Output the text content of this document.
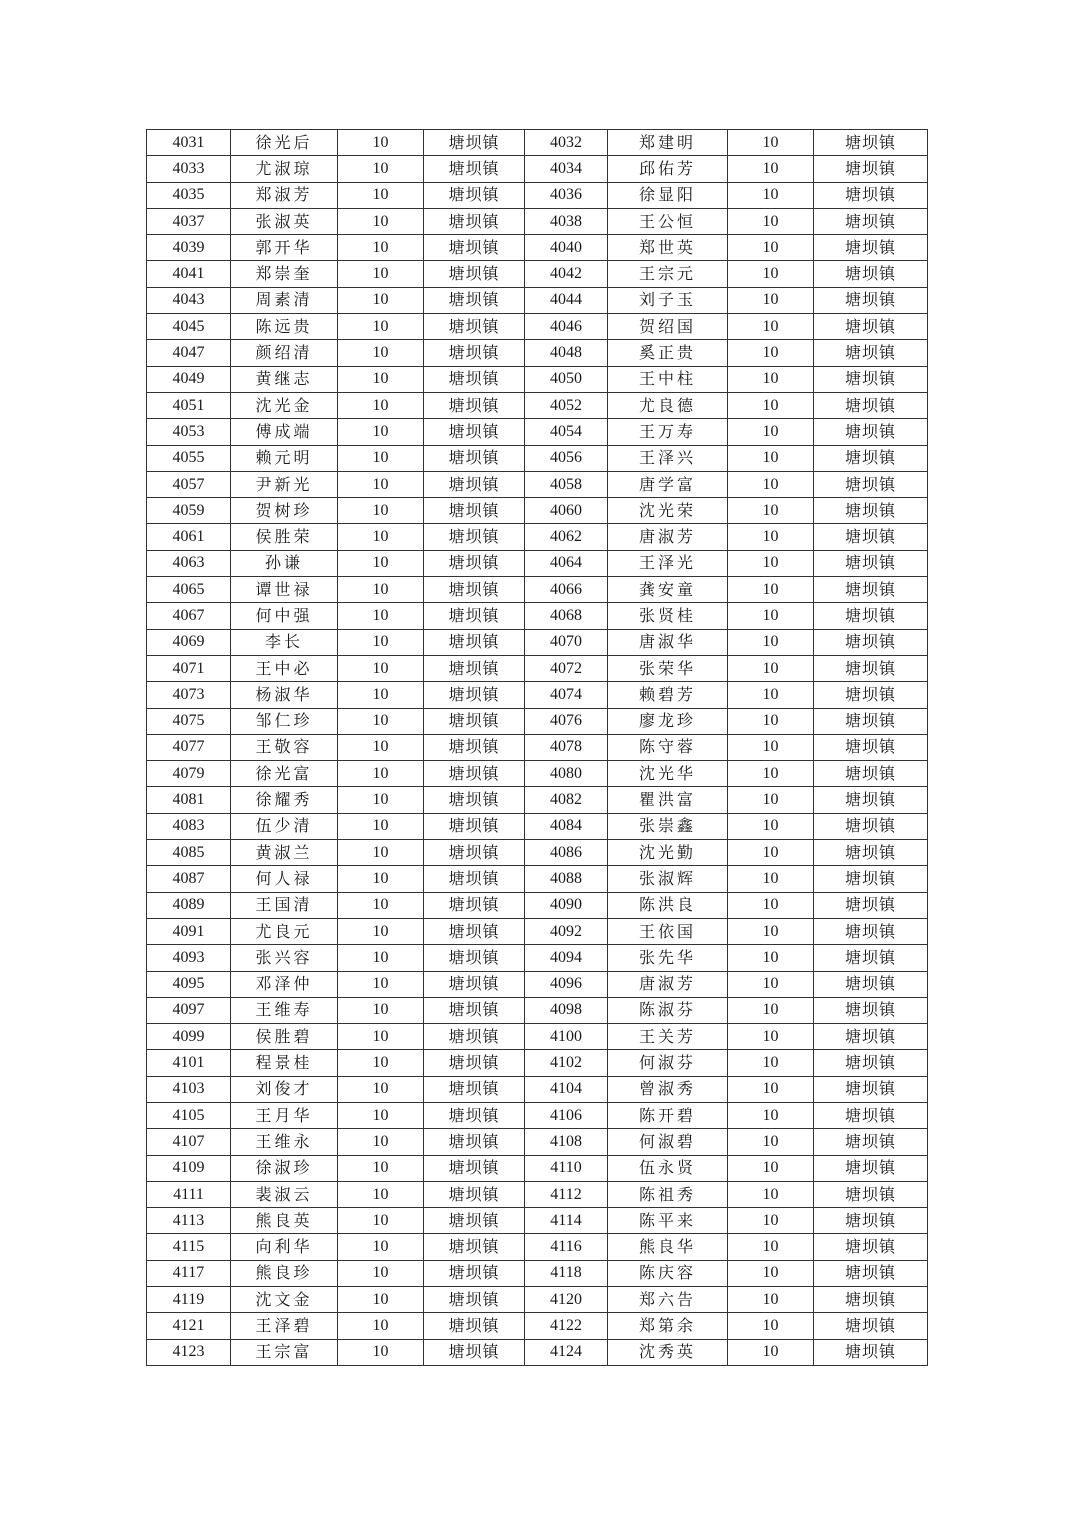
4031	徐光后	10	塘坝镇	4032	郑建明	10	塘坝镇
4033	尤淑琼	10	塘坝镇	4034	邱佑芳	10	塘坝镇
4035	郑淑芳	10	塘坝镇	4036	徐显阳	10	塘坝镇
4037	张淑英	10	塘坝镇	4038	王公恒	10	塘坝镇
4039	郭开华	10	塘坝镇	4040	郑世英	10	塘坝镇
4041	郑崇奎	10	塘坝镇	4042	王宗元	10	塘坝镇
4043	周素清	10	塘坝镇	4044	刘子玉	10	塘坝镇
4045	陈远贵	10	塘坝镇	4046	贺绍国	10	塘坝镇
4047	颜绍清	10	塘坝镇	4048	奚正贵	10	塘坝镇
4049	黄继志	10	塘坝镇	4050	王中柱	10	塘坝镇
4051	沈光金	10	塘坝镇	4052	尤良德	10	塘坝镇
4053	傅成端	10	塘坝镇	4054	王万寿	10	塘坝镇
4055	赖元明	10	塘坝镇	4056	王泽兴	10	塘坝镇
4057	尹新光	10	塘坝镇	4058	唐学富	10	塘坝镇
4059	贺树珍	10	塘坝镇	4060	沈光荣	10	塘坝镇
4061	侯胜荣	10	塘坝镇	4062	唐淑芳	10	塘坝镇
4063	孙谦	10	塘坝镇	4064	王泽光	10	塘坝镇
4065	谭世禄	10	塘坝镇	4066	龚安童	10	塘坝镇
4067	何中强	10	塘坝镇	4068	张贤桂	10	塘坝镇
4069	李长	10	塘坝镇	4070	唐淑华	10	塘坝镇
4071	王中必	10	塘坝镇	4072	张荣华	10	塘坝镇
4073	杨淑华	10	塘坝镇	4074	赖碧芳	10	塘坝镇
4075	邹仁珍	10	塘坝镇	4076	廖龙珍	10	塘坝镇
4077	王敬容	10	塘坝镇	4078	陈守蓉	10	塘坝镇
4079	徐光富	10	塘坝镇	4080	沈光华	10	塘坝镇
4081	徐耀秀	10	塘坝镇	4082	瞿洪富	10	塘坝镇
4083	伍少清	10	塘坝镇	4084	张崇鑫	10	塘坝镇
4085	黄淑兰	10	塘坝镇	4086	沈光勤	10	塘坝镇
4087	何人禄	10	塘坝镇	4088	张淑辉	10	塘坝镇
4089	王国清	10	塘坝镇	4090	陈洪良	10	塘坝镇
4091	尤良元	10	塘坝镇	4092	王依国	10	塘坝镇
4093	张兴容	10	塘坝镇	4094	张先华	10	塘坝镇
4095	邓泽仲	10	塘坝镇	4096	唐淑芳	10	塘坝镇
4097	王维寿	10	塘坝镇	4098	陈淑芬	10	塘坝镇
4099	侯胜碧	10	塘坝镇	4100	王关芳	10	塘坝镇
4101	程景桂	10	塘坝镇	4102	何淑芬	10	塘坝镇
4103	刘俊才	10	塘坝镇	4104	曾淑秀	10	塘坝镇
4105	王月华	10	塘坝镇	4106	陈开碧	10	塘坝镇
4107	王维永	10	塘坝镇	4108	何淑碧	10	塘坝镇
4109	徐淑珍	10	塘坝镇	4110	伍永贤	10	塘坝镇
4111	裴淑云	10	塘坝镇	4112	陈祖秀	10	塘坝镇
4113	熊良英	10	塘坝镇	4114	陈平来	10	塘坝镇
4115	向利华	10	塘坝镇	4116	熊良华	10	塘坝镇
4117	熊良珍	10	塘坝镇	4118	陈庆容	10	塘坝镇
4119	沈文金	10	塘坝镇	4120	郑六告	10	塘坝镇
4121	王泽碧	10	塘坝镇	4122	郑第余	10	塘坝镇
4123	王宗富	10	塘坝镇	4124	沈秀英	10	塘坝镇
